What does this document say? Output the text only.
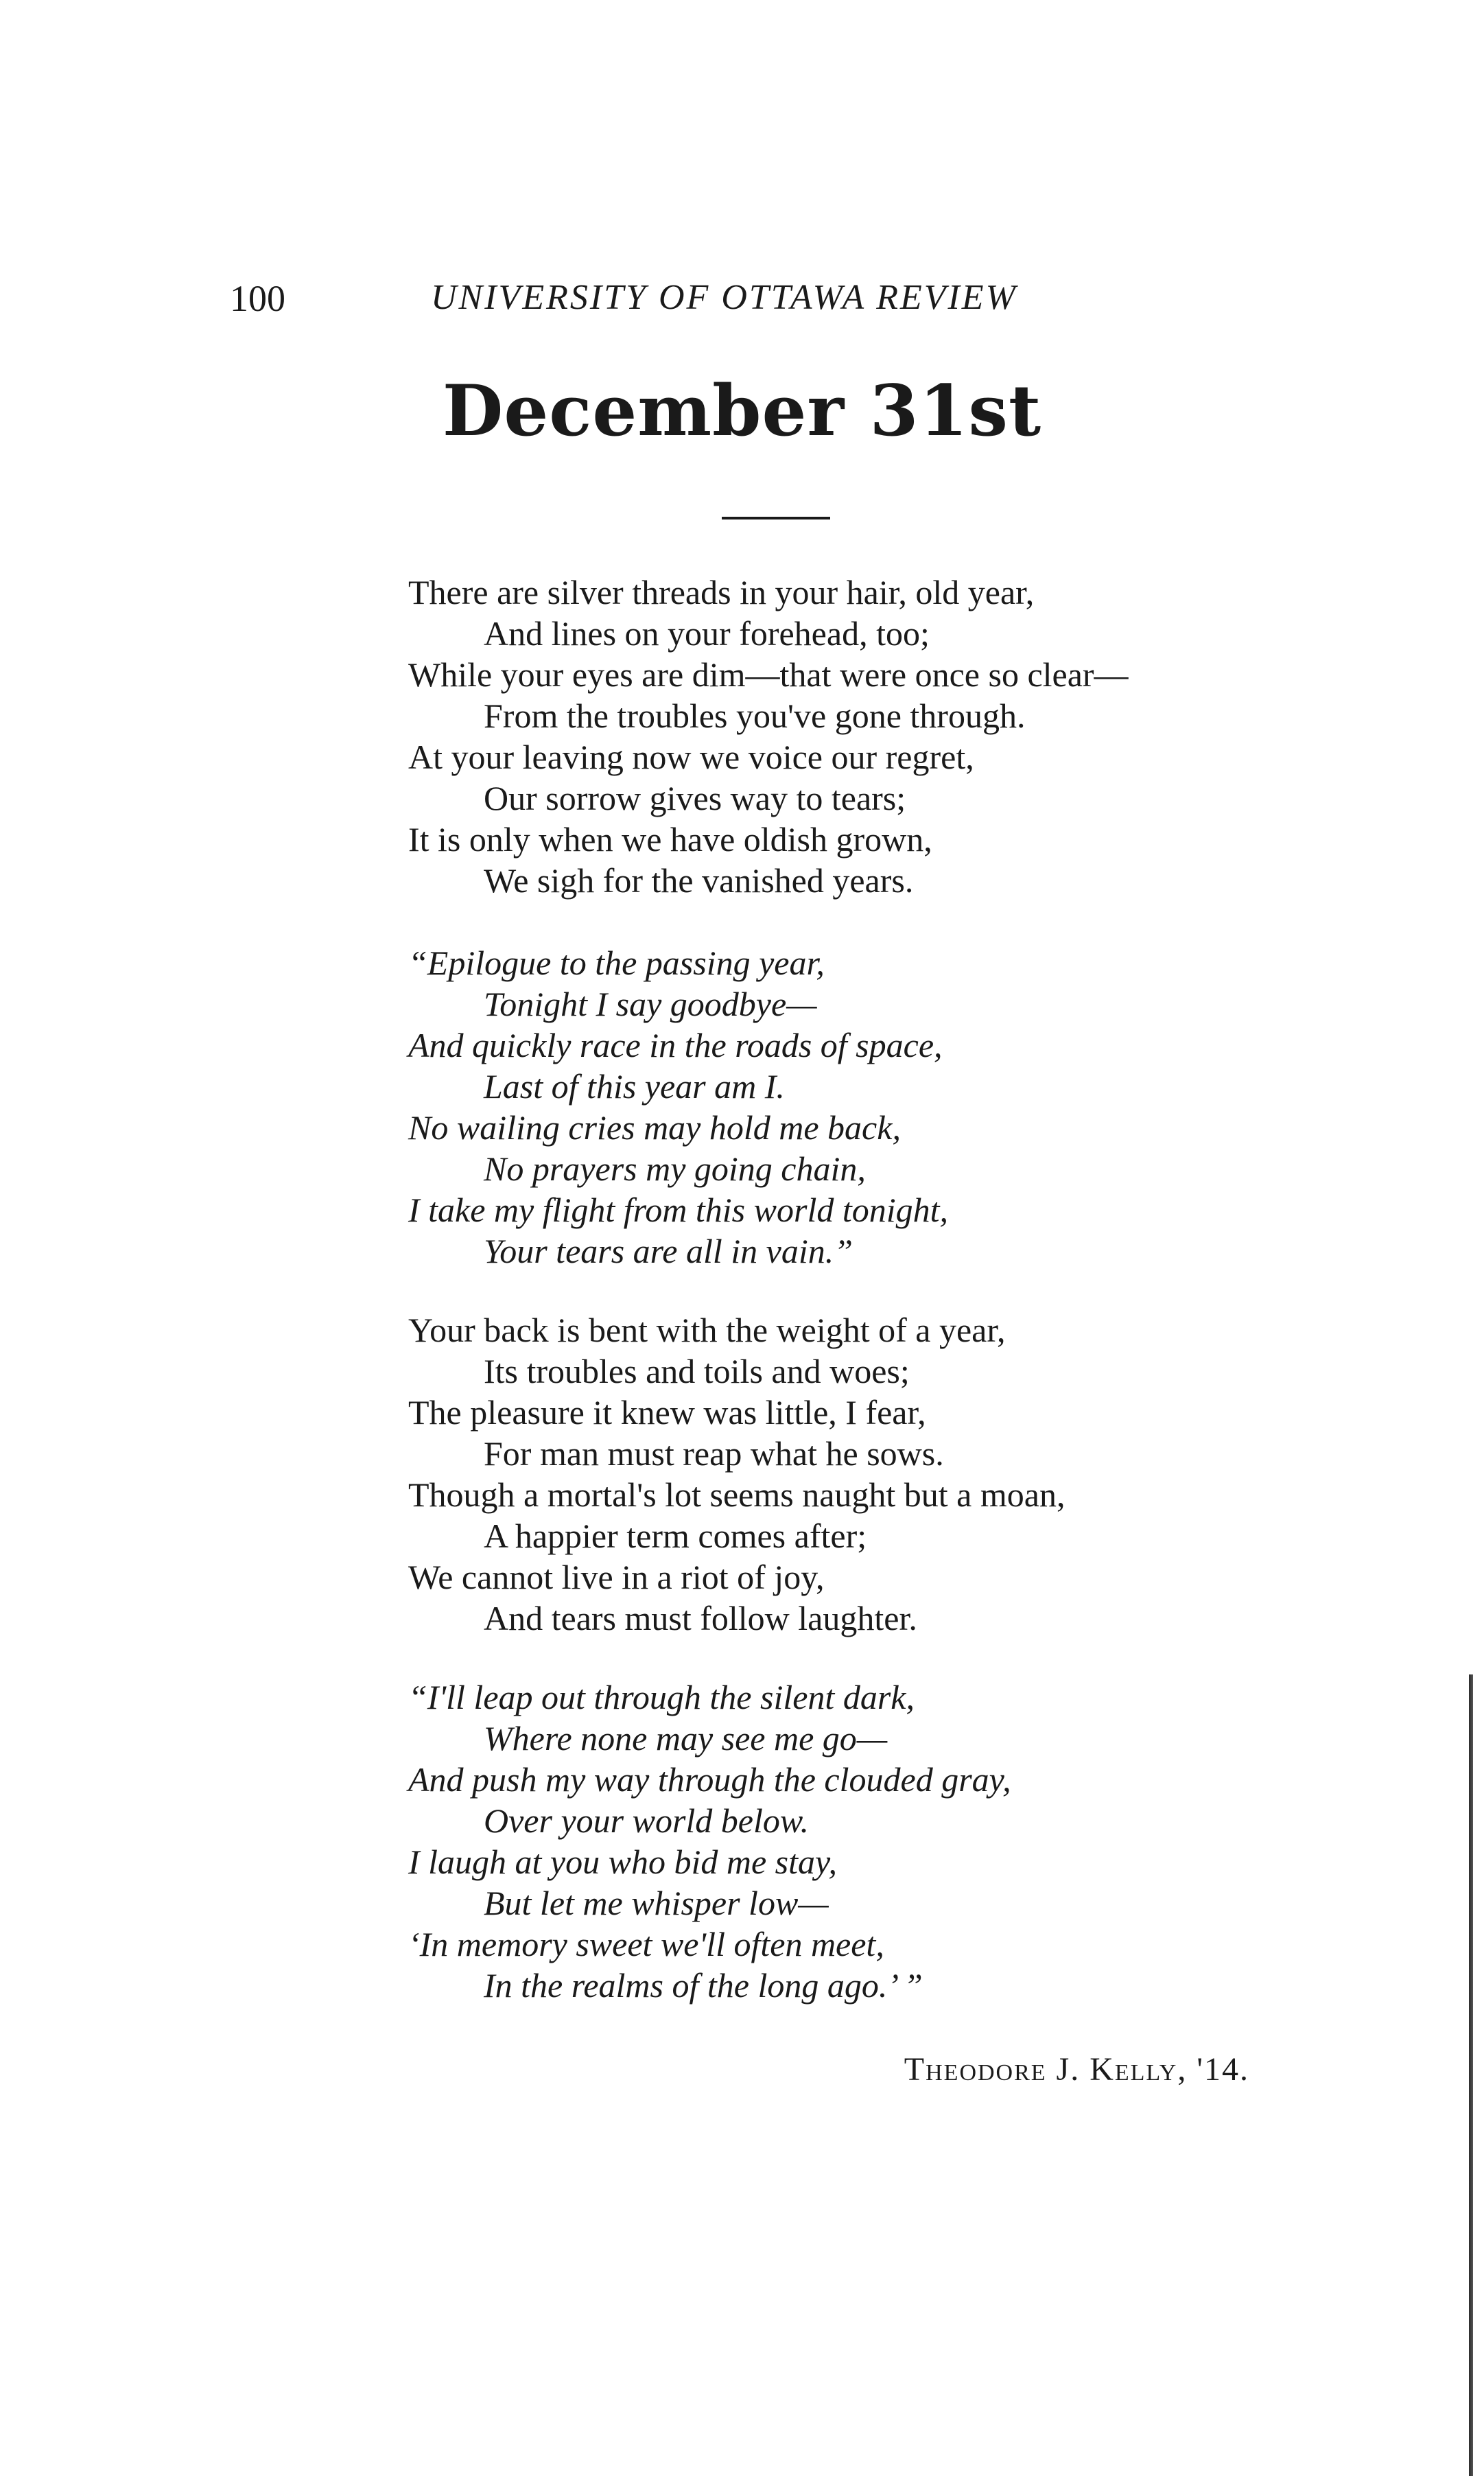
100	UNIVERSITY OF OTTAWA REVIEW
December 31st
There are silver threads in your hair, old year,
And lines on your forehead, too;
While your eyes are dim—that were once so clear—
From the troubles you've gone through.
At your leaving now we voice our regret,
Our sorrow gives way to tears;
It is only when we have oldish grown,
We sigh for the vanished years.
“Epilogue to the passing year,
Tonight I say goodbye—
And quickly race in the roads of space,
Last of this year am I.
No wailing cries may hold me back,
No prayers my going chain,
I take my flight from this world tonight,
Your tears are all in vain.”
Your back is bent with the weight of a year,
Its troubles and toils and woes;
The pleasure it knew was little, I fear,
For man must reap what he sows.
Though a mortal's lot seems naught but a moan,
A happier term comes after;
We cannot live in a riot of joy,
And tears must follow laughter.
“I'll leap out through the silent dark,
Where none may see me go—
And push my way through the clouded gray,
Over your world below.
I laugh at you who bid me stay,
But let me whisper low—
‘In memory sweet we'll often meet,
In the realms of the long ago.’ ”
Theodore J. Kelly, '14.
